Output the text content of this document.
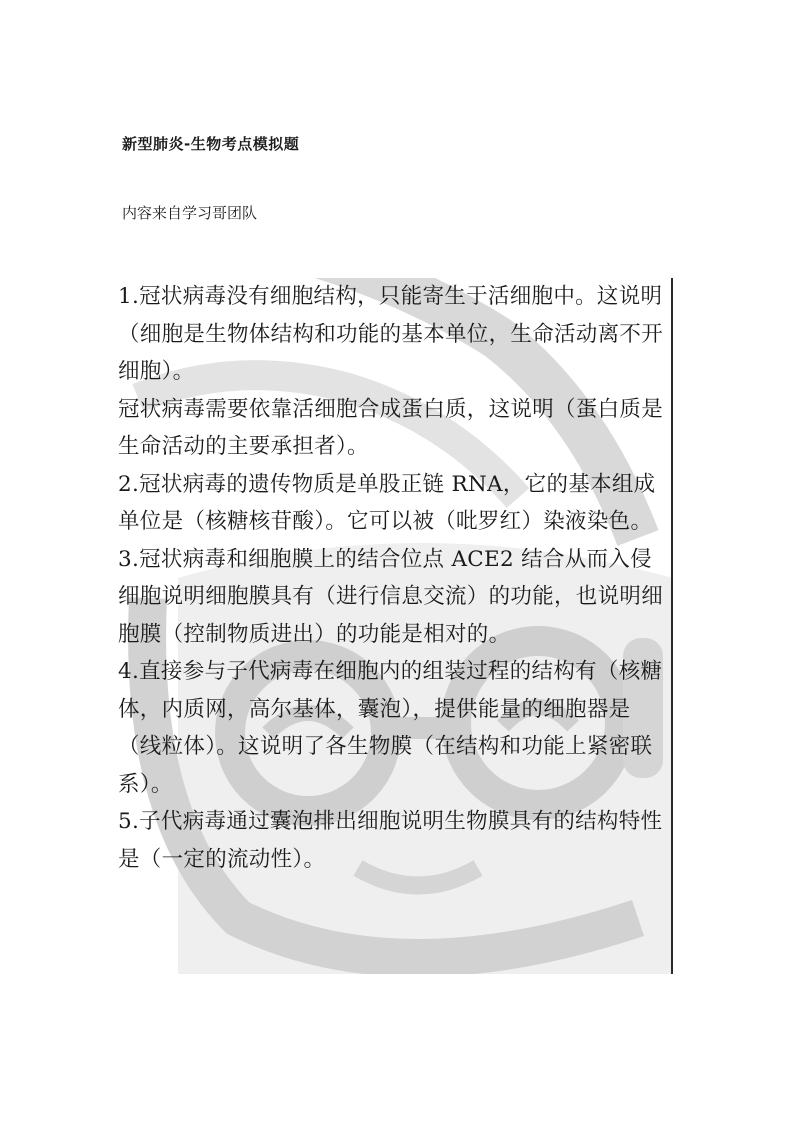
新型肺炎-生物考点模拟题
内容来自学习哥团队

1.冠状病毒没有细胞结构，只能寄生于活细胞中。这说明（细胞是生物体结构和功能的基本单位，生命活动离不开细胞）。

冠状病毒需要依靠活细胞合成蛋白质，这说明（蛋白质是生命活动的主要承担者）。

2.冠状病毒的遗传物质是单股正链 RNA，它的基本组成单位是（核糖核苷酸）。它可以被（吡罗红）染液染色。

3.冠状病毒和细胞膜上的结合位点 ACE2 结合从而入侵细胞说明细胞膜具有（进行信息交流）的功能，也说明细胞膜（控制物质进出）的功能是相对的。

4.直接参与子代病毒在细胞内的组装过程的结构有（核糖体，内质网，高尔基体，囊泡），提供能量的细胞器是（线粒体）。这说明了各生物膜（在结构和功能上紧密联系）。

5.子代病毒通过囊泡排出细胞说明生物膜具有的结构特性是（一定的流动性）。
